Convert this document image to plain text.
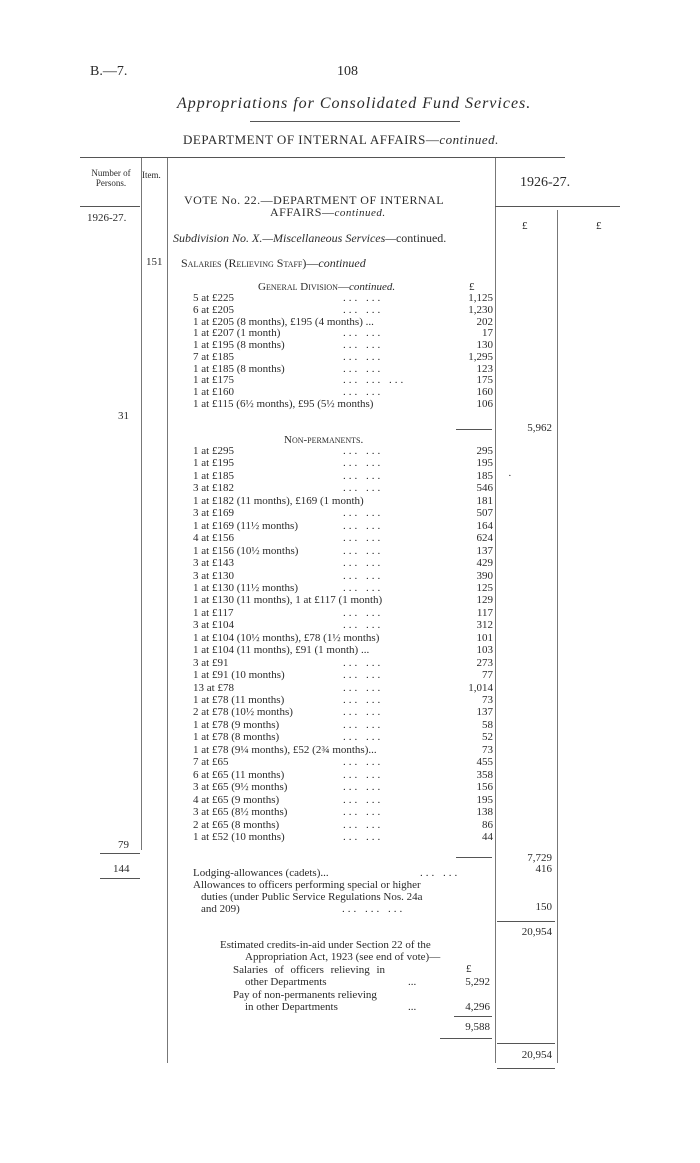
B.—7.	108
Appropriations for Consolidated Fund Services.
DEPARTMENT OF INTERNAL AFFAIRS—continued.
Number of Persons.
Item.
1926-27.
1926-27.
£	£
VOTE No. 22.—DEPARTMENT OF INTERNAL
AFFAIRS—continued.
Subdivision No. X.—Miscellaneous Services—continued.
151 Salaries (Relieving Staff)—continued
General Division—continued.	£
5 at £225	... ...	1,125
6 at £205	... ...	1,230
1 at £205 (8 months), £195 (4 months) ...	202
1 at £207 (1 month)	... ...	17
1 at £195 (8 months)	... ...	130
7 at £185	... ...	1,295
1 at £185 (8 months)	... ...	123
1 at £175	... ... ...	175
1 at £160	... ...	160
1 at £115 (6½ months), £95 (5½ months)	106
31
5,962
Non-permanents.
1 at £295	... ...	295
1 at £195	... ...	195
1 at £185	... ...	185
3 at £182	... ...	546
1 at £182 (11 months), £169 (1 month)	181
3 at £169	... ...	507
1 at £169 (11½ months)	... ...	164
4 at £156	... ...	624
1 at £156 (10½ months)	... ...	137
3 at £143	... ...	429
3 at £130	... ...	390
1 at £130 (11½ months)	... ...	125
1 at £130 (11 months), 1 at £117 (1 month)	129
1 at £117	... ...	117
3 at £104	... ...	312
1 at £104 (10½ months), £78 (1½ months)	101
1 at £104 (11 months), £91 (1 month) ...	103
3 at £91	... ...	273
1 at £91 (10 months)	... ...	77
13 at £78	... ...	1,014
1 at £78 (11 months)	... ...	73
2 at £78 (10½ months)	... ...	137
1 at £78 (9 months)	... ...	58
1 at £78 (8 months)	... ...	52
1 at £78 (9¼ months), £52 (2¾ months)...	73
7 at £65	... ...	455
6 at £65 (11 months)	... ...	358
3 at £65 (9½ months)	... ...	156
4 at £65 (9 months)	... ...	195
3 at £65 (8½ months)	... ...	138
2 at £65 (8 months)	... ...	86
1 at £52 (10 months)	... ...	44
·
79
7,729
144	Lodging-allowances (cadets)...	... ...	416
Allowances to officers performing special or higher
duties (under Public Service Regulations Nos. 24a
and 209)	... ... ...	150
20,954
Estimated credits-in-aid under Section 22 of the
Appropriation Act, 1923 (see end of vote)—
£
Salaries of officers relieving in
other Departments	...	5,292
Pay of non-permanents relieving
in other Departments	...	4,296
9,588
20,954
